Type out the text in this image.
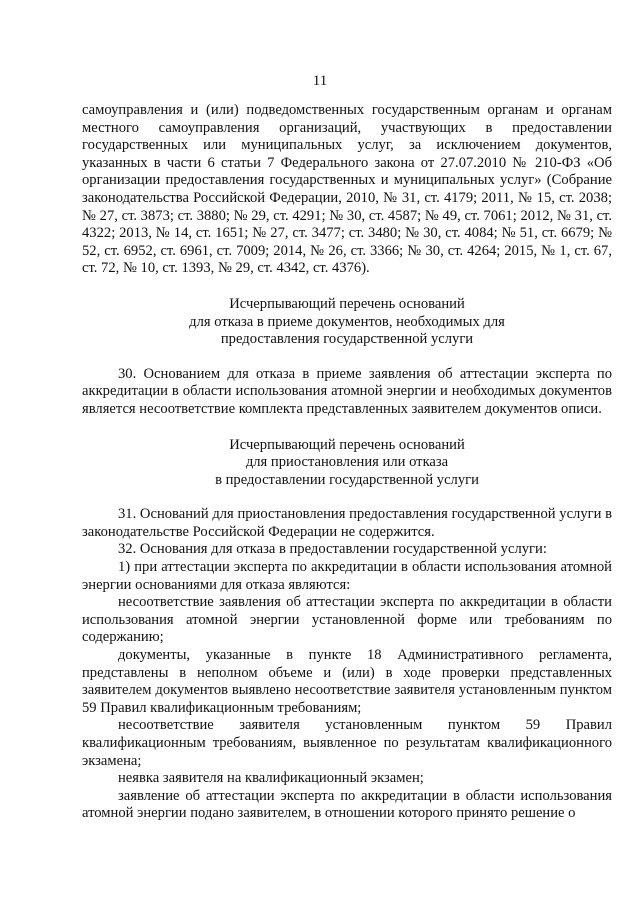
11

самоуправления и (или) подведомственных государственным органам и органам местного самоуправления организаций, участвующих в предоставлении государственных или муниципальных услуг, за исключением документов, указанных в части 6 статьи 7 Федерального закона от 27.07.2010 № 210-ФЗ «Об организации предоставления государственных и муниципальных услуг» (Собрание законодательства Российской Федерации, 2010, № 31, ст. 4179; 2011, № 15, ст. 2038; № 27, ст. 3873; ст. 3880; № 29, ст. 4291; № 30, ст. 4587; № 49, ст. 7061; 2012, № 31, ст. 4322; 2013, № 14, ст. 1651; № 27, ст. 3477; ст. 3480; № 30, ст. 4084; № 51, ст. 6679; № 52, ст. 6952, ст. 6961, ст. 7009; 2014, № 26, ст. 3366; № 30, ст. 4264; 2015, № 1, ст. 67, ст. 72, № 10, ст. 1393, № 29, ст. 4342, ст. 4376).

Исчерпывающий перечень оснований
для отказа в приеме документов, необходимых для
предоставления государственной услуги

30. Основанием для отказа в приеме заявления об аттестации эксперта по аккредитации в области использования атомной энергии и необходимых документов является несоответствие комплекта представленных заявителем документов описи.

Исчерпывающий перечень оснований
для приостановления или отказа
в предоставлении государственной услуги

31. Оснований для приостановления предоставления государственной услуги в законодательстве Российской Федерации не содержится.

32. Основания для отказа в предоставлении государственной услуги:

1) при аттестации эксперта по аккредитации в области использования атомной энергии основаниями для отказа являются:

несоответствие заявления об аттестации эксперта по аккредитации в области использования атомной энергии установленной форме или требованиям по содержанию;

документы, указанные в пункте 18 Административного регламента, представлены в неполном объеме и (или) в ходе проверки представленных заявителем документов выявлено несоответствие заявителя установленным пунктом 59 Правил квалификационным требованиям;

несоответствие заявителя установленным пунктом 59 Правил квалификационным требованиям, выявленное по результатам квалификационного экзамена;

неявка заявителя на квалификационный экзамен;

заявление об аттестации эксперта по аккредитации в области использования атомной энергии подано заявителем, в отношении которого принято решение о
